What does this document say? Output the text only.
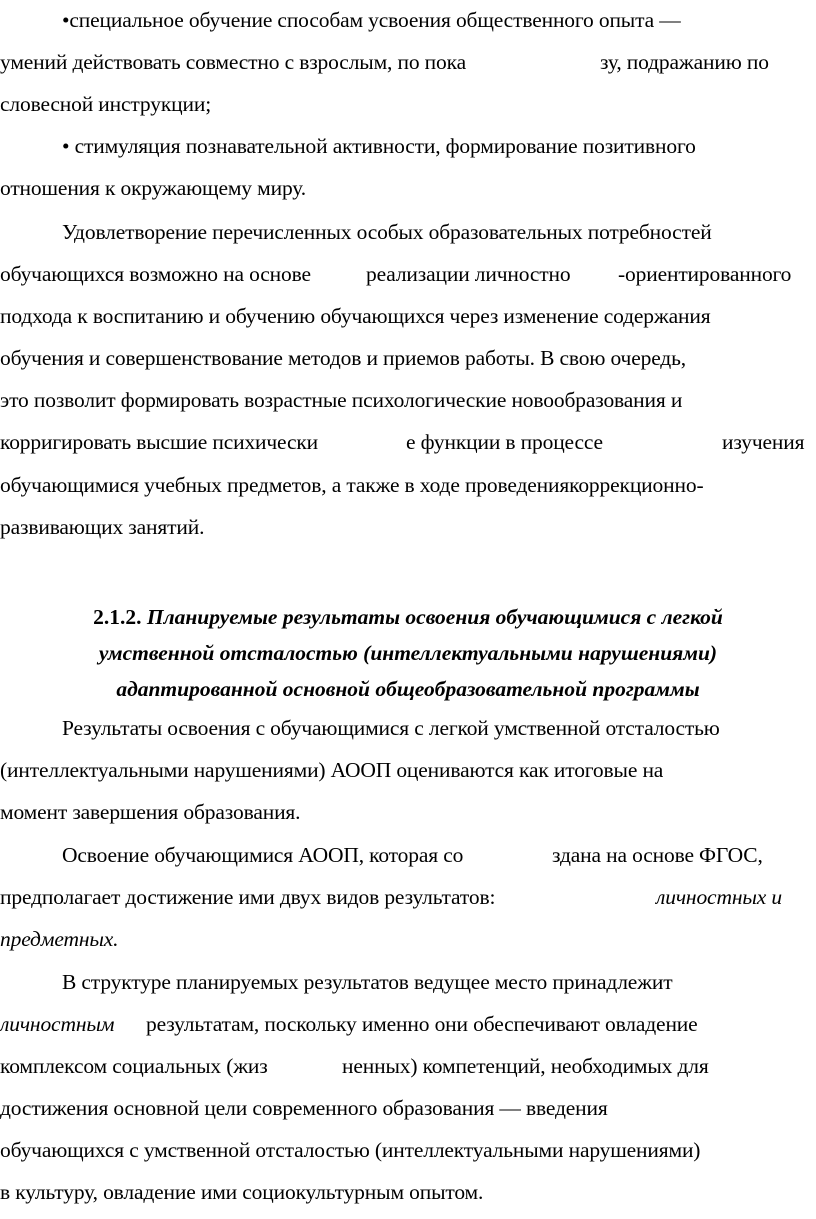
•специальное обучение способам усвоения общественного опыта —
умений действовать совместно с взрослым, по пока	зу, подражанию по
словесной инструкции;
• стимуляция познавательной активности, формирование позитивного
отношения к окружающему миру.
Удовлетворение перечисленных особых образовательных потребностей
обучающихся возможно на основе	реализации личностно -ориентированного
подхода к воспитанию и обучению обучающихся через изменение содержания
обучения и совершенствование методов и приемов работы. В свою очередь,
это позволит формировать возрастные психологические новообразования и
корригировать высшие психически	е функции в процессе	изучения
обучающимися учебных предметов, а также в ходе проведениякоррекционно-
развивающих занятий.
2.1.2. Планируемые результаты освоения обучающимися с легкой
умственной отсталостью (интеллектуальными нарушениями)
адаптированной основной общеобразовательной программы
Результаты освоения с обучающимися с легкой умственной отсталостью
(интеллектуальными нарушениями) АООП оцениваются как итоговые на
момент завершения образования.
Освоение обучающимися АООП, которая со	здана на основе ФГОС,
предполагает достижение ими двух видов результатов:	личностных и
предметных.
В структуре планируемых результатов ведущее место принадлежит
личностным результатам, поскольку именно они обеспечивают овладение
комплексом социальных (жиз	ненных) компетенций, необходимых для
достижения основной цели современного образования — введения
обучающихся с умственной отсталостью (интеллектуальными нарушениями)
в культуру, овладение ими социокультурным опытом.
